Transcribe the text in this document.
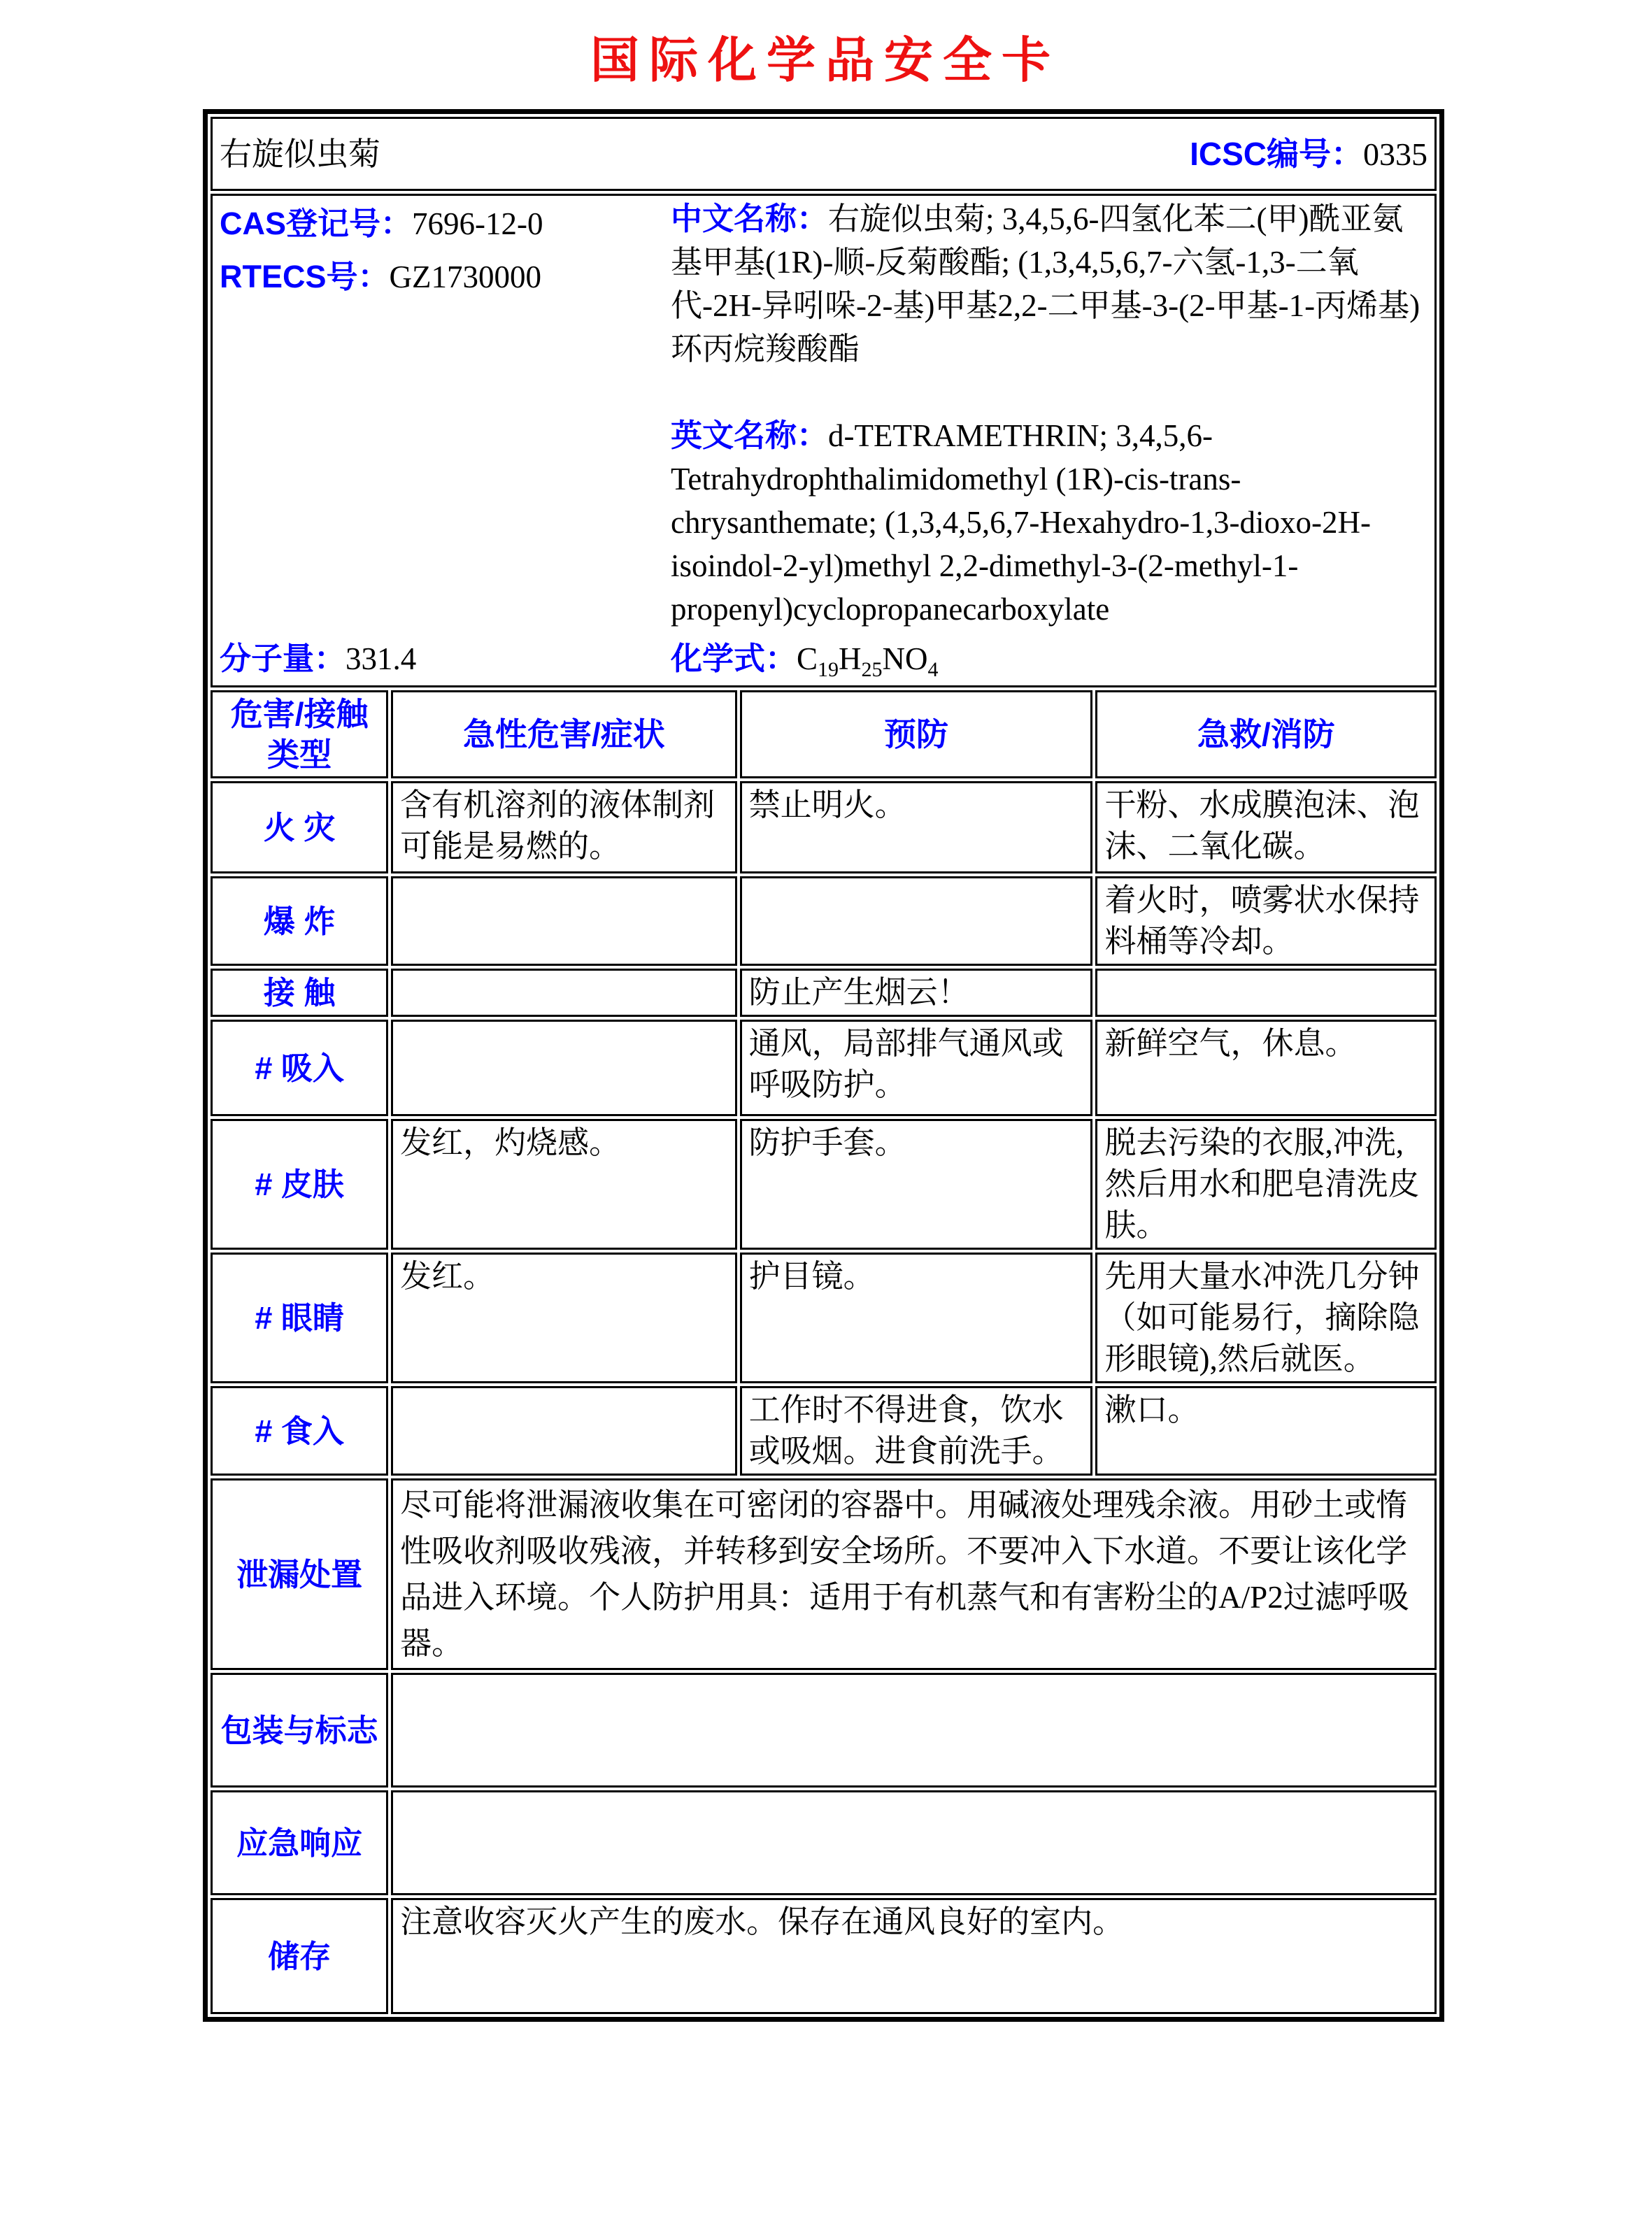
国际化学品安全卡
右旋似虫菊 ICSC编号：0335			

CAS登记号：7696-12-0
RTECS号：GZ1730000

中文名称：右旋似虫菊; 3,4,5,6-四氢化苯二(甲)酰亚氨基甲基(1R)-顺-反菊酸酯; (1,3,4,5,6,7-六氢-1,3-二氧代-2H-异吲哚-2-基)甲基2,2-二甲基-3-(2-甲基-1-丙烯基)环丙烷羧酸酯

英文名称：d-TETRAMETHRIN; 3,4,5,6-Tetrahydrophthalimidomethyl (1R)-cis-trans-chrysanthemate; (1,3,4,5,6,7-Hexahydro-1,3-dioxo-2H-isoindol-2-yl)methyl 2,2-dimethyl-3-(2-methyl-1-propenyl)cyclopropanecarboxylate

分子量：331.4	化学式：$C_{19}H_{25}NO_4$

危害/接触 类型	急性危害/症状	预防	急救/消防
火 灾	含有机溶剂的液体制剂可能是易燃的。	禁止明火。	干粉、水成膜泡沫、泡沫、二氧化碳。
爆 炸			着火时，喷雾状水保持料桶等冷却。
接 触		防止产生烟云！	
# 吸入		通风，局部排气通风或呼吸防护。	新鲜空气，休息。
# 皮肤	发红，灼烧感。	防护手套。	脱去污染的衣服,冲洗,然后用水和肥皂清洗皮肤。
# 眼睛	发红。	护目镜。	先用大量水冲洗几分钟（如可能易行，摘除隐形眼镜),然后就医。
# 食入		工作时不得进食，饮水或吸烟。进食前洗手。	漱口。
泄漏处置	尽可能将泄漏液收集在可密闭的容器中。用碱液处理残余液。用砂土或惰性吸收剂吸收残液，并转移到安全场所。不要冲入下水道。不要让该化学品进入环境。个人防护用具：适用于有机蒸气和有害粉尘的A/P2过滤呼吸器。		
包装与标志			
应急响应			
储存	注意收容灭火产生的废水。保存在通风良好的室内。		
